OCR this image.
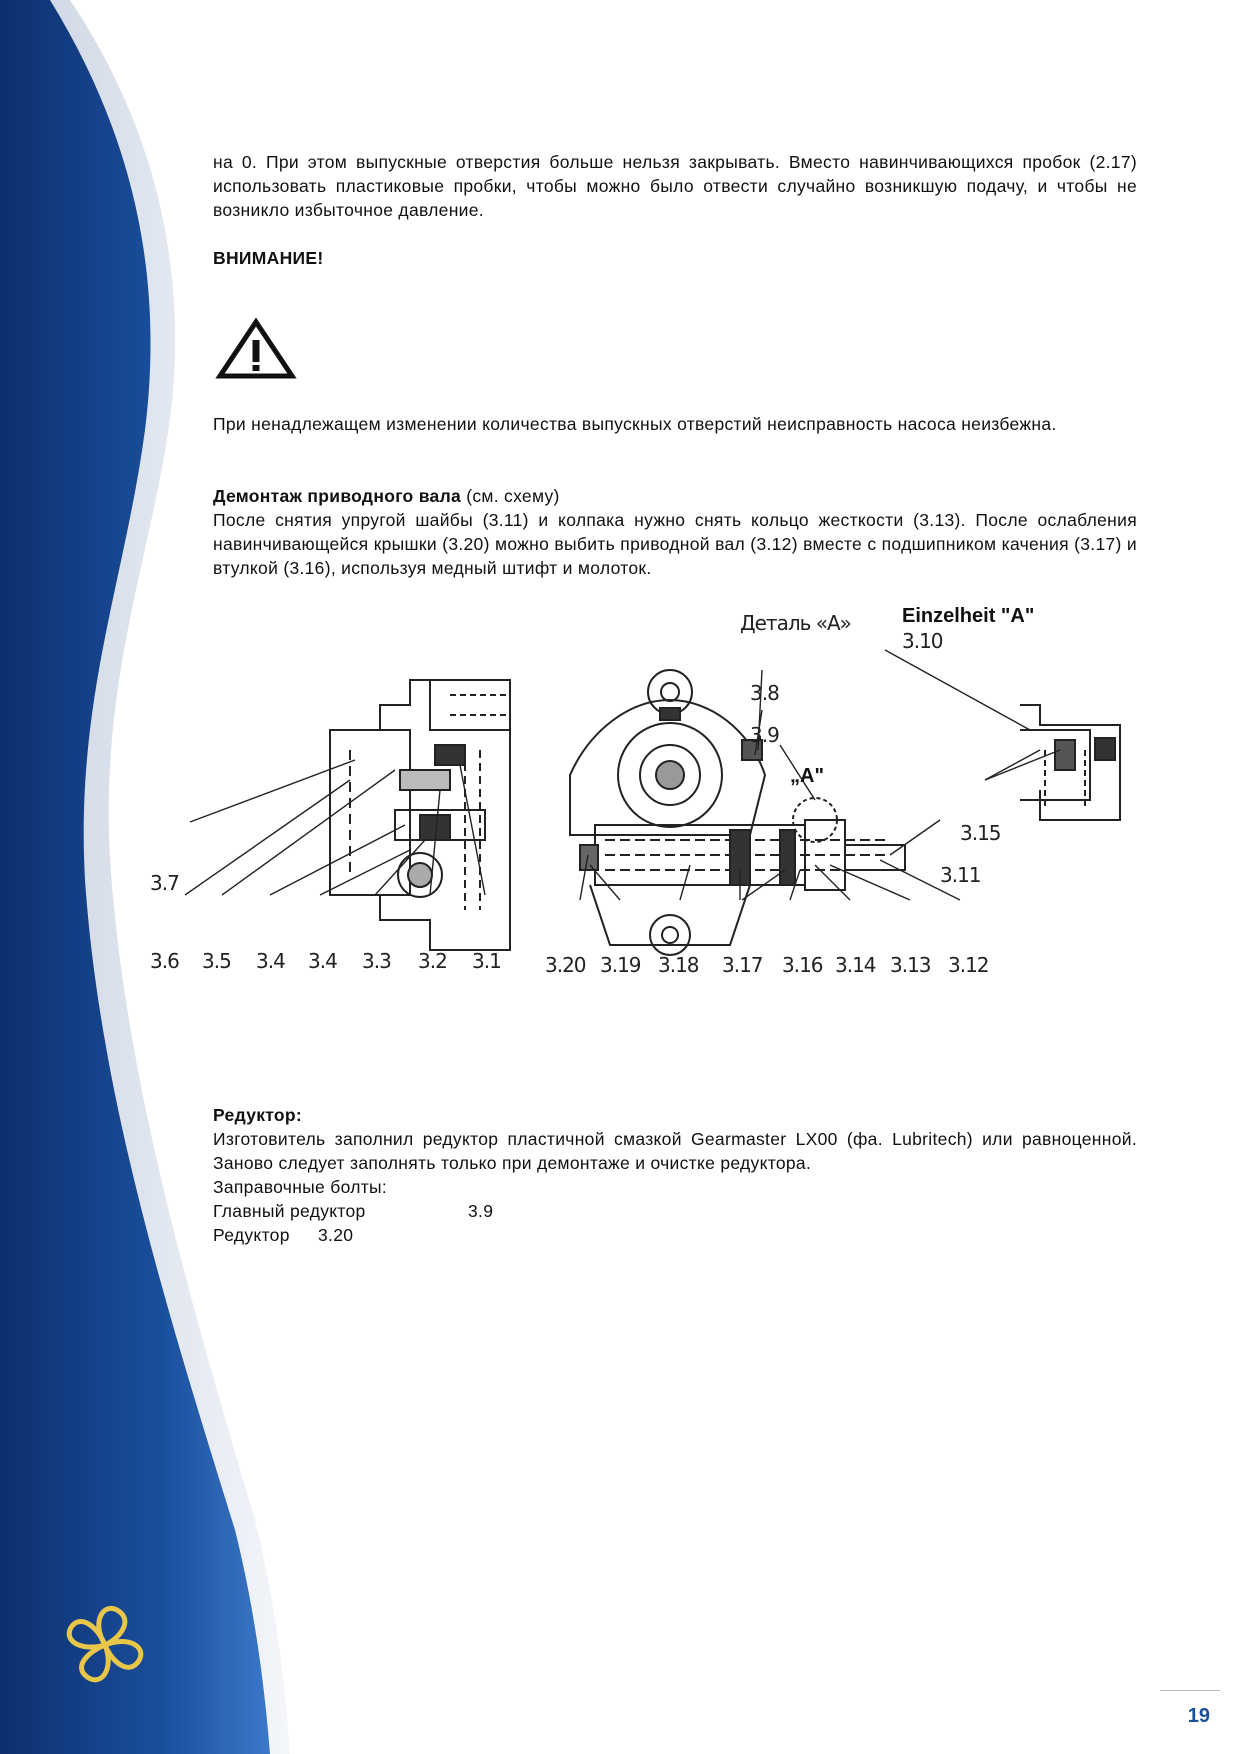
на 0. При этом выпускные отверстия больше нельзя закрывать. Вместо навинчивающихся пробок (2.17) использовать пластиковые пробки, чтобы можно было отвести случайно возникшую подачу, и чтобы не возникло избыточное давление.
ВНИМАНИЕ!
При ненадлежащем изменении количества выпускных отверстий неисправность насоса неизбежна.
Демонтаж приводного вала (см. схему)
После снятия упругой шайбы (3.11) и колпака нужно снять кольцо жесткости (3.13). После ослабления навинчивающейся крышки (3.20) можно выбить приводной вал (3.12) вместе с подшипником качения (3.17) и втулкой (3.16), используя медный штифт и молоток.
Деталь «А»	Einzelheit "A"
3.10
3.8
3.9
„A"
3.15
3.11
3.7
3.6 3.5 3.4 3.4 3.3 3.2 3.1 3.20 3.19 3.18 3.17 3.16 3.14 3.13 3.12
Редуктор:
Изготовитель заполнил редуктор пластичной смазкой Gearmaster LX00 (фа. Lubritech) или равноценной. Заново следует заполнять только при демонтаже и очистке редуктора.
Заправочные болты:
Главный редуктор	3.9
Редуктор 3.20
19
